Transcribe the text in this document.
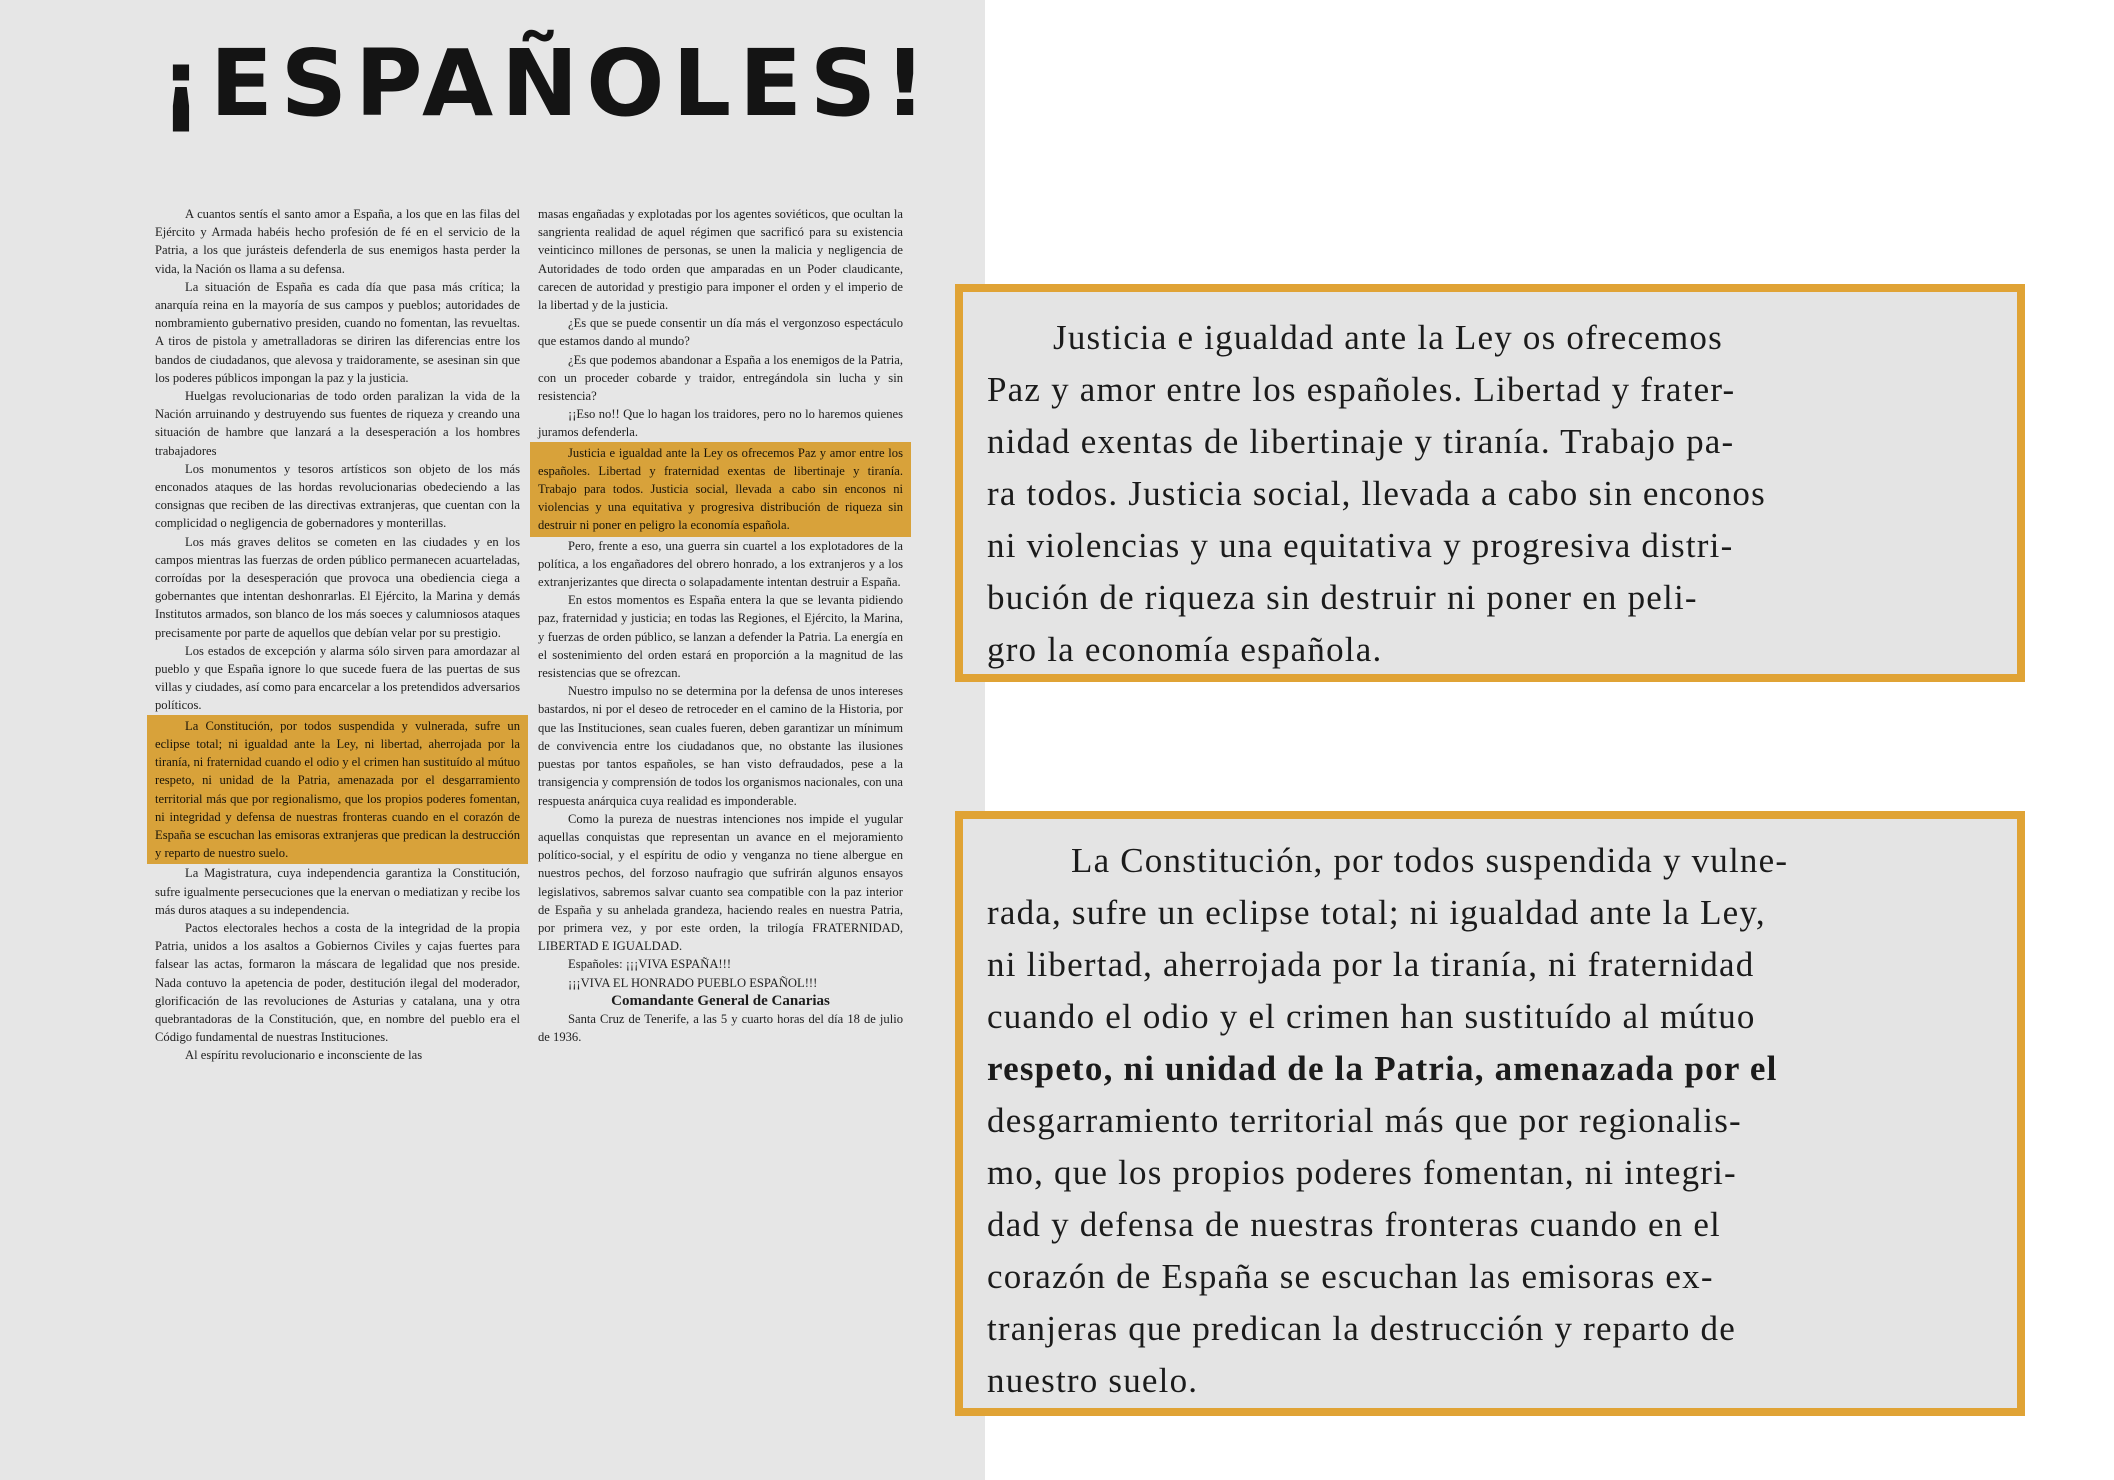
¡ESPAÑOLES!

A cuantos sentís el santo amor a España, a los que en las filas del Ejército y Armada habéis hecho profesión de fé en el servicio de la Patria, a los que jurásteis defenderla de sus enemigos hasta perder la vida, la Nación os llama a su defensa.

La situación de España es cada día que pasa más crítica; la anarquía reina en la mayoría de sus campos y pueblos; autoridades de nombramiento gubernativo presiden, cuando no fomentan, las revueltas. A tiros de pistola y ametralladoras se diriren las diferencias entre los bandos de ciudadanos, que alevosa y traidoramente, se asesinan sin que los poderes públicos impongan la paz y la justicia.

Huelgas revolucionarias de todo orden paralizan la vida de la Nación arruinando y destruyendo sus fuentes de riqueza y creando una situación de hambre que lanzará a la desesperación a los hombres trabajadores

Los monumentos y tesoros artísticos son objeto de los más enconados ataques de las hordas revolucionarias obedeciendo a las consignas que reciben de las directivas extranjeras, que cuentan con la complicidad o negligencia de gobernadores y monterillas.

Los más graves delitos se cometen en las ciudades y en los campos mientras las fuerzas de orden público permanecen acuarteladas, corroídas por la desesperación que provoca una obediencia ciega a gobernantes que intentan deshonrarlas. El Ejército, la Marina y demás Institutos armados, son blanco de los más soeces y calumniosos ataques precisamente por parte de aquellos que debían velar por su prestigio.

Los estados de excepción y alarma sólo sirven para amordazar al pueblo y que España ignore lo que sucede fuera de las puertas de sus villas y ciudades, así como para encarcelar a los pretendidos adversarios políticos.

La Constitución, por todos suspendida y vulnerada, sufre un eclipse total; ni igualdad ante la Ley, ni libertad, aherrojada por la tiranía, ni fraternidad cuando el odio y el crimen han sustituído al mútuo respeto, ni unidad de la Patria, amenazada por el desgarramiento territorial más que por regionalismo, que los propios poderes fomentan, ni integridad y defensa de nuestras fronteras cuando en el corazón de España se escuchan las emisoras extranjeras que predican la destrucción y reparto de nuestro suelo.

La Magistratura, cuya independencia garantiza la Constitución, sufre igualmente persecuciones que la enervan o mediatizan y recibe los más duros ataques a su independencia.

Pactos electorales hechos a costa de la integridad de la propia Patria, unidos a los asaltos a Gobiernos Civiles y cajas fuertes para falsear las actas, formaron la máscara de legalidad que nos preside. Nada contuvo la apetencia de poder, destitución ilegal del moderador, glorificación de las revoluciones de Asturias y catalana, una y otra quebrantadoras de la Constitución, que, en nombre del pueblo era el Código fundamental de nuestras Instituciones.

Al espíritu revolucionario e inconsciente de las

masas engañadas y explotadas por los agentes soviéticos, que ocultan la sangrienta realidad de aquel régimen que sacrificó para su existencia veinticinco millones de personas, se unen la malicia y negligencia de Autoridades de todo orden que amparadas en un Poder claudicante, carecen de autoridad y prestigio para imponer el orden y el imperio de la libertad y de la justicia.

¿Es que se puede consentir un día más el vergonzoso espectáculo que estamos dando al mundo?

¿Es que podemos abandonar a España a los enemigos de la Patria, con un proceder cobarde y traidor, entregándola sin lucha y sin resistencia?

¡¡Eso no!! Que lo hagan los traidores, pero no lo haremos quienes juramos defenderla.

Justicia e igualdad ante la Ley os ofrecemos Paz y amor entre los españoles. Libertad y fraternidad exentas de libertinaje y tiranía. Trabajo para todos. Justicia social, llevada a cabo sin enconos ni violencias y una equitativa y progresiva distribución de riqueza sin destruir ni poner en peligro la economía española.

Pero, frente a eso, una guerra sin cuartel a los explotadores de la política, a los engañadores del obrero honrado, a los extranjeros y a los extranjerizantes que directa o solapadamente intentan destruir a España.

En estos momentos es España entera la que se levanta pidiendo paz, fraternidad y justicia; en todas las Regiones, el Ejército, la Marina, y fuerzas de orden público, se lanzan a defender la Patria. La energía en el sostenimiento del orden estará en proporción a la magnitud de las resistencias que se ofrezcan.

Nuestro impulso no se determina por la defensa de unos intereses bastardos, ni por el deseo de retroceder en el camino de la Historia, por que las Instituciones, sean cuales fueren, deben garantizar un mínimum de convivencia entre los ciudadanos que, no obstante las ilusiones puestas por tantos españoles, se han visto defraudados, pese a la transigencia y comprensión de todos los organismos nacionales, con una respuesta anárquica cuya realidad es imponderable.

Como la pureza de nuestras intenciones nos impide el yugular aquellas conquistas que representan un avance en el mejoramiento político-social, y el espíritu de odio y venganza no tiene albergue en nuestros pechos, del forzoso naufragio que sufrirán algunos ensayos legislativos, sabremos salvar cuanto sea compatible con la paz interior de España y su anhelada grandeza, haciendo reales en nuestra Patria, por primera vez, y por este orden, la trilogía FRATERNIDAD, LIBERTAD E IGUALDAD.

Españoles: ¡¡¡VIVA ESPAÑA!!!

¡¡¡VIVA EL HONRADO PUEBLO ESPAÑOL!!!

Comandante General de Canarias

Santa Cruz de Tenerife, a las 5 y cuarto horas del día 18 de julio de 1936.

Justicia e igualdad ante la Ley os ofrecemos
Paz y amor entre los españoles. Libertad y frater-
nidad exentas de libertinaje y tiranía. Trabajo pa-
ra todos. Justicia social, llevada a cabo sin enconos
ni violencias y una equitativa y progresiva distri-
bución de riqueza sin destruir ni poner en peli-
gro la economía española.

La Constitución, por todos suspendida y vulne-
rada, sufre un eclipse total; ni igualdad ante la Ley,
ni libertad, aherrojada por la tiranía, ni fraternidad
cuando el odio y el crimen han sustituído al mútuo
respeto, ni unidad de la Patria, amenazada por el
desgarramiento territorial más que por regionalis-
mo, que los propios poderes fomentan, ni integri-
dad y defensa de nuestras fronteras cuando en el
corazón de España se escuchan las emisoras ex-
tranjeras que predican la destrucción y reparto de
nuestro suelo.
